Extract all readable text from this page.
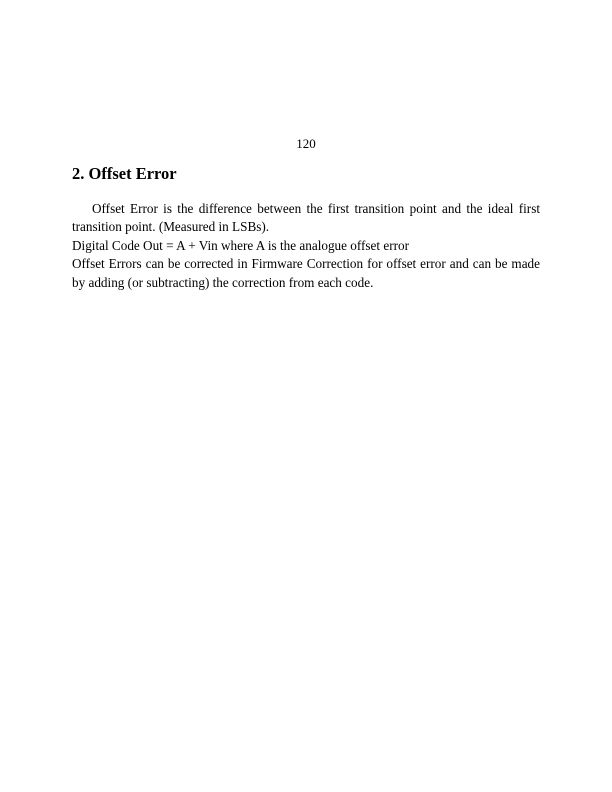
120
2. Offset Error

Offset Error is the difference between the first transition point and the ideal first transition point. (Measured in LSBs).

Digital Code Out = A + Vin where A is the analogue offset error

Offset Errors can be corrected in Firmware Correction for offset error and can be made by adding (or subtracting) the correction from each code.
